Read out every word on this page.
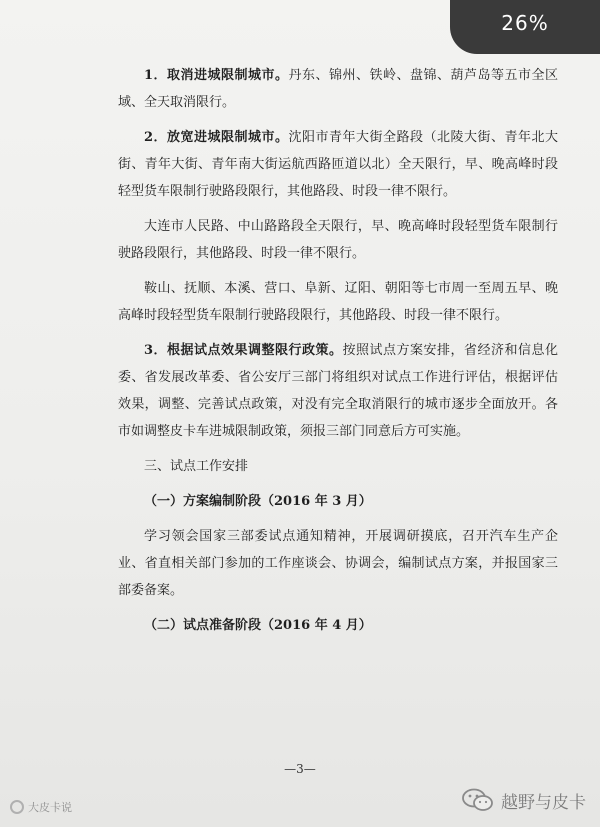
26%

1．取消进城限制城市。丹东、锦州、铁岭、盘锦、葫芦岛等五市全区域、全天取消限行。

2．放宽进城限制城市。沈阳市青年大街全路段（北陵大街、青年北大街、青年大街、青年南大街运航西路匝道以北）全天限行，早、晚高峰时段轻型货车限制行驶路段限行，其他路段、时段一律不限行。

大连市人民路、中山路路段全天限行，早、晚高峰时段轻型货车限制行驶路段限行，其他路段、时段一律不限行。

鞍山、抚顺、本溪、营口、阜新、辽阳、朝阳等七市周一至周五早、晚高峰时段轻型货车限制行驶路段限行，其他路段、时段一律不限行。

3．根据试点效果调整限行政策。按照试点方案安排，省经济和信息化委、省发展改革委、省公安厅三部门将组织对试点工作进行评估，根据评估效果，调整、完善试点政策，对没有完全取消限行的城市逐步全面放开。各市如调整皮卡车进城限制政策，须报三部门同意后方可实施。

三、试点工作安排

（一）方案编制阶段（2016 年 3 月）

学习领会国家三部委试点通知精神，开展调研摸底，召开汽车生产企业、省直相关部门参加的工作座谈会、协调会，编制试点方案，并报国家三部委备案。

（二）试点准备阶段（2016 年 4 月）

—3—
大皮卡说	越野与皮卡
